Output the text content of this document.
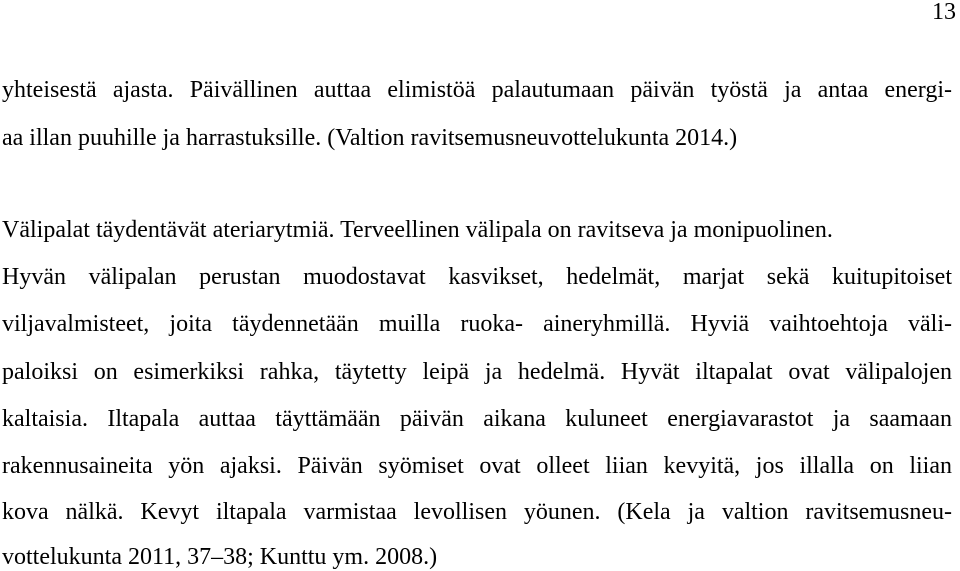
13
yhteisestä ajasta. Päivällinen auttaa elimistöä palautumaan päivän työstä ja antaa energi-
aa illan puuhille ja harrastuksille. (Valtion ravitsemusneuvottelukunta 2014.)
Välipalat täydentävät ateriarytmiä. Terveellinen välipala on ravitseva ja monipuolinen.
Hyvän välipalan perustan muodostavat kasvikset, hedelmät, marjat sekä kuitupitoiset
viljavalmisteet, joita täydennetään muilla ruoka- aineryhmillä. Hyviä vaihtoehtoja väli-
paloiksi on esimerkiksi rahka, täytetty leipä ja hedelmä. Hyvät iltapalat ovat välipalojen
kaltaisia. Iltapala auttaa täyttämään päivän aikana kuluneet energiavarastot ja saamaan
rakennusaineita yön ajaksi. Päivän syömiset ovat olleet liian kevyitä, jos illalla on liian
kova nälkä. Kevyt iltapala varmistaa levollisen yöunen. (Kela ja valtion ravitsemusneu-
vottelukunta 2011, 37–38; Kunttu ym. 2008.)
